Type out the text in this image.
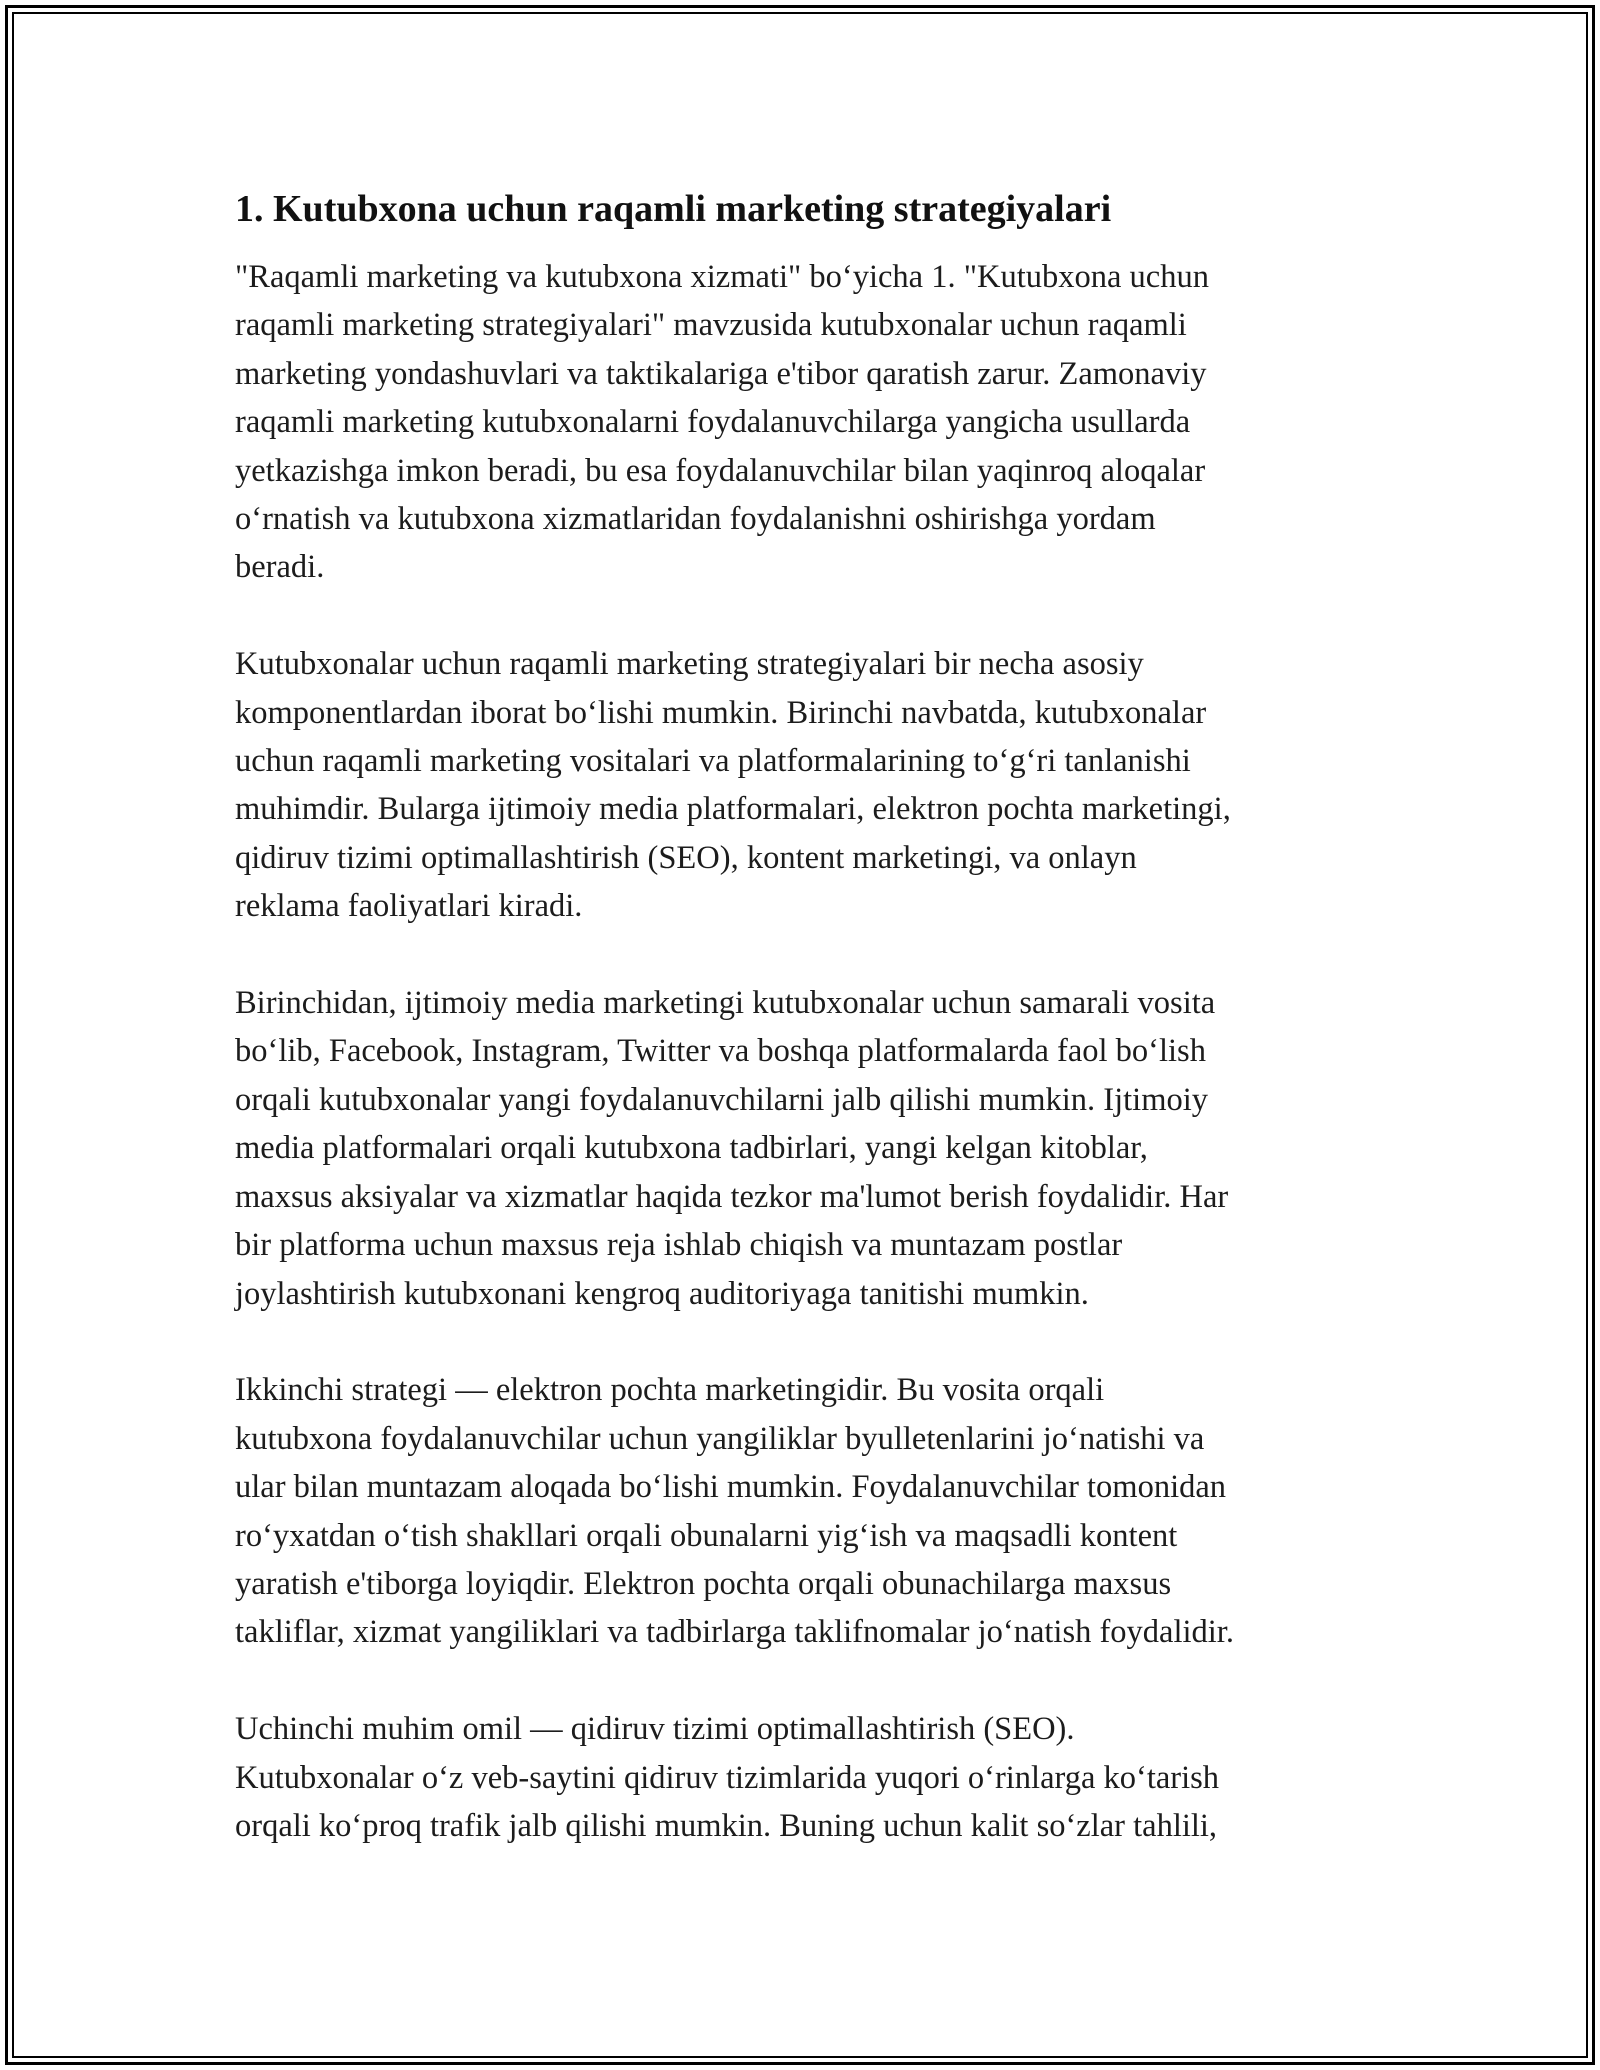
1. Kutubxona uchun raqamli marketing strategiyalari
"Raqamli marketing va kutubxona xizmati" bo‘yicha 1. "Kutubxona uchun
raqamli marketing strategiyalari" mavzusida kutubxonalar uchun raqamli
marketing yondashuvlari va taktikalariga e'tibor qaratish zarur. Zamonaviy
raqamli marketing kutubxonalarni foydalanuvchilarga yangicha usullarda
yetkazishga imkon beradi, bu esa foydalanuvchilar bilan yaqinroq aloqalar
o‘rnatish va kutubxona xizmatlaridan foydalanishni oshirishga yordam
beradi.
Kutubxonalar uchun raqamli marketing strategiyalari bir necha asosiy
komponentlardan iborat bo‘lishi mumkin. Birinchi navbatda, kutubxonalar
uchun raqamli marketing vositalari va platformalarining to‘g‘ri tanlanishi
muhimdir. Bularga ijtimoiy media platformalari, elektron pochta marketingi,
qidiruv tizimi optimallashtirish (SEO), kontent marketingi, va onlayn
reklama faoliyatlari kiradi.
Birinchidan, ijtimoiy media marketingi kutubxonalar uchun samarali vosita
bo‘lib, Facebook, Instagram, Twitter va boshqa platformalarda faol bo‘lish
orqali kutubxonalar yangi foydalanuvchilarni jalb qilishi mumkin. Ijtimoiy
media platformalari orqali kutubxona tadbirlari, yangi kelgan kitoblar,
maxsus aksiyalar va xizmatlar haqida tezkor ma'lumot berish foydalidir. Har
bir platforma uchun maxsus reja ishlab chiqish va muntazam postlar
joylashtirish kutubxonani kengroq auditoriyaga tanitishi mumkin.
Ikkinchi strategi — elektron pochta marketingidir. Bu vosita orqali
kutubxona foydalanuvchilar uchun yangiliklar byulletenlarini jo‘natishi va
ular bilan muntazam aloqada bo‘lishi mumkin. Foydalanuvchilar tomonidan
ro‘yxatdan o‘tish shakllari orqali obunalarni yig‘ish va maqsadli kontent
yaratish e'tiborga loyiqdir. Elektron pochta orqali obunachilarga maxsus
takliflar, xizmat yangiliklari va tadbirlarga taklifnomalar jo‘natish foydalidir.
Uchinchi muhim omil — qidiruv tizimi optimallashtirish (SEO).
Kutubxonalar o‘z veb-saytini qidiruv tizimlarida yuqori o‘rinlarga ko‘tarish
orqali ko‘proq trafik jalb qilishi mumkin. Buning uchun kalit so‘zlar tahlili,
